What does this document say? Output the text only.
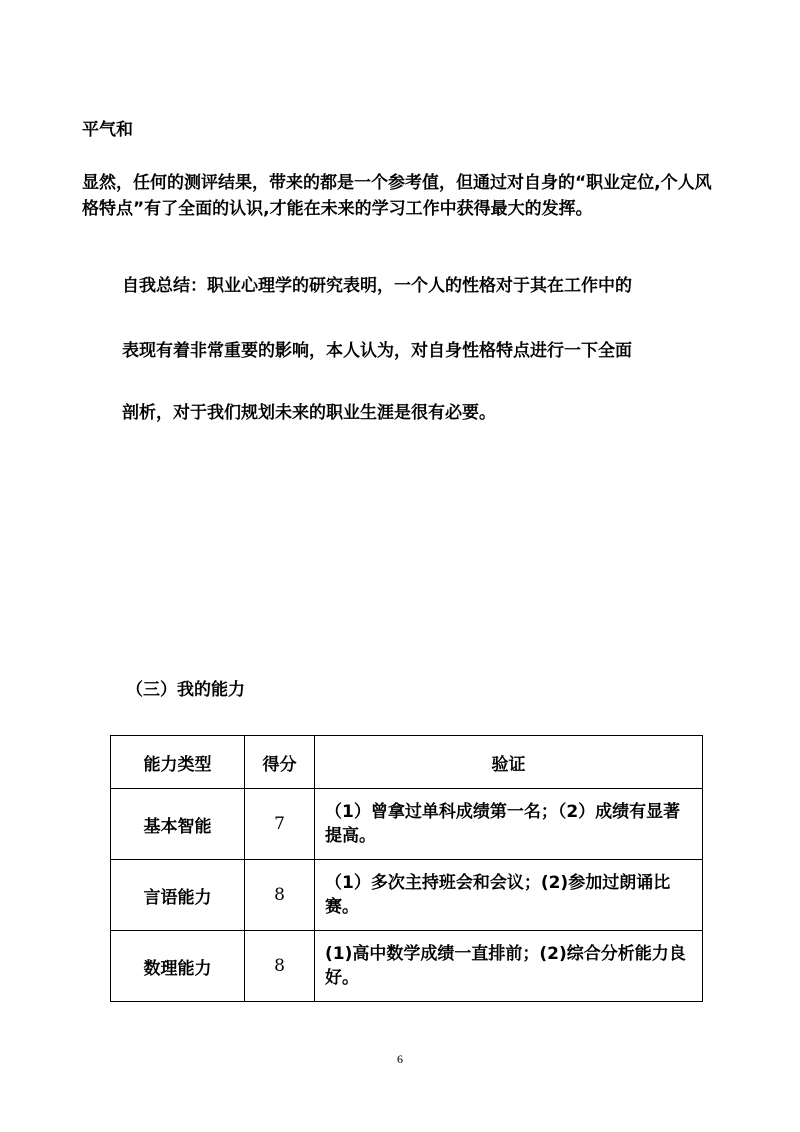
平气和
显然，任何的测评结果，带来的都是一个参考值，但通过对自身的“职业定位,个人风格特点”有了全面的认识,才能在未来的学习工作中获得最大的发挥。
自我总结：职业心理学的研究表明，一个人的性格对于其在工作中的
表现有着非常重要的影响，本人认为，对自身性格特点进行一下全面
剖析，对于我们规划未来的职业生涯是很有必要。
（三）我的能力
能力类型	得分	验证
基本智能	7	（1）曾拿过单科成绩第一名；（2）成绩有显著提高。
言语能力	8	（1）多次主持班会和会议；(2)参加过朗诵比赛。
数理能力	8	(1)高中数学成绩一直排前；(2)综合分析能力良好。
6
